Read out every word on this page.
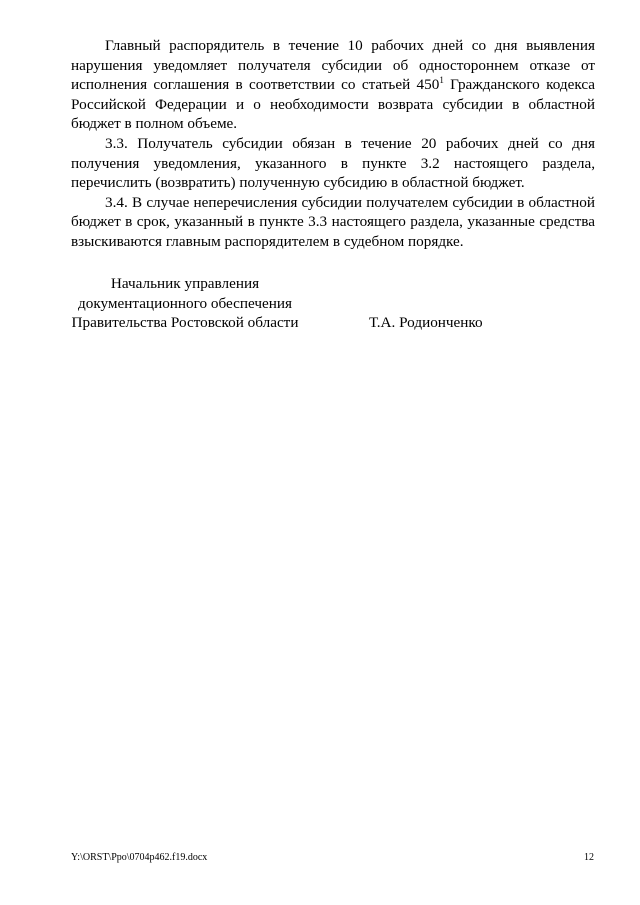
Главный распорядитель в течение 10 рабочих дней со дня выявления нарушения уведомляет получателя субсидии об одностороннем отказе от исполнения соглашения в соответствии со статьей $450^1$ Гражданского кодекса Российской Федерации и о необходимости возврата субсидии в областной бюджет в полном объеме.

3.3. Получатель субсидии обязан в течение 20 рабочих дней со дня получения уведомления, указанного в пункте 3.2 настоящего раздела, перечислить (возвратить) полученную субсидию в областной бюджет.

3.4. В случае неперечисления субсидии получателем субсидии в областной бюджет в срок, указанный в пункте 3.3 настоящего раздела, указанные средства взыскиваются главным распорядителем в судебном порядке.

Начальник управления
документационного обеспечения
Правительства Ростовской области	Т.А. Родионченко
Y:\ORST\Ppo\0704p462.f19.docx	12
